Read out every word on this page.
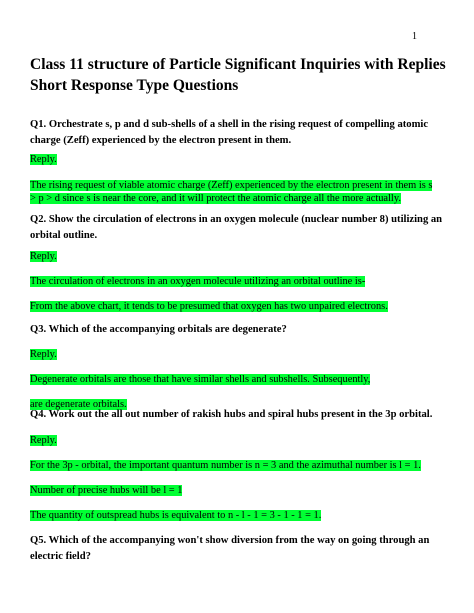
1
Class 11 structure of Particle Significant Inquiries with Replies Short Response Type Questions
Q1. Orchestrate s, p and d sub-shells of a shell in the rising request of compelling atomic charge (Zeff) experienced by the electron present in them.
Reply.
The rising request of viable atomic charge (Zeff) experienced by the electron present in them is s
> p > d since s is near the core, and it will protect the atomic charge all the more actually.
Q2. Show the circulation of electrons in an oxygen molecule (nuclear number 8) utilizing an orbital outline.
Reply.
The circulation of electrons in an oxygen molecule utilizing an orbital outline is-
From the above chart, it tends to be presumed that oxygen has two unpaired electrons.
Q3. Which of the accompanying orbitals are degenerate?
Reply.
Degenerate orbitals are those that have similar shells and subshells. Subsequently,
are degenerate orbitals.
Q4. Work out the all out number of rakish hubs and spiral hubs present in the 3p orbital.
Reply.
For the 3p - orbital, the important quantum number is n = 3 and the azimuthal number is l = 1.
Number of precise hubs will be l = 1
The quantity of outspread hubs is equivalent to n - l - 1 = 3 - 1 - 1 = 1.
Q5. Which of the accompanying won't show diversion from the way on going through an electric field?
